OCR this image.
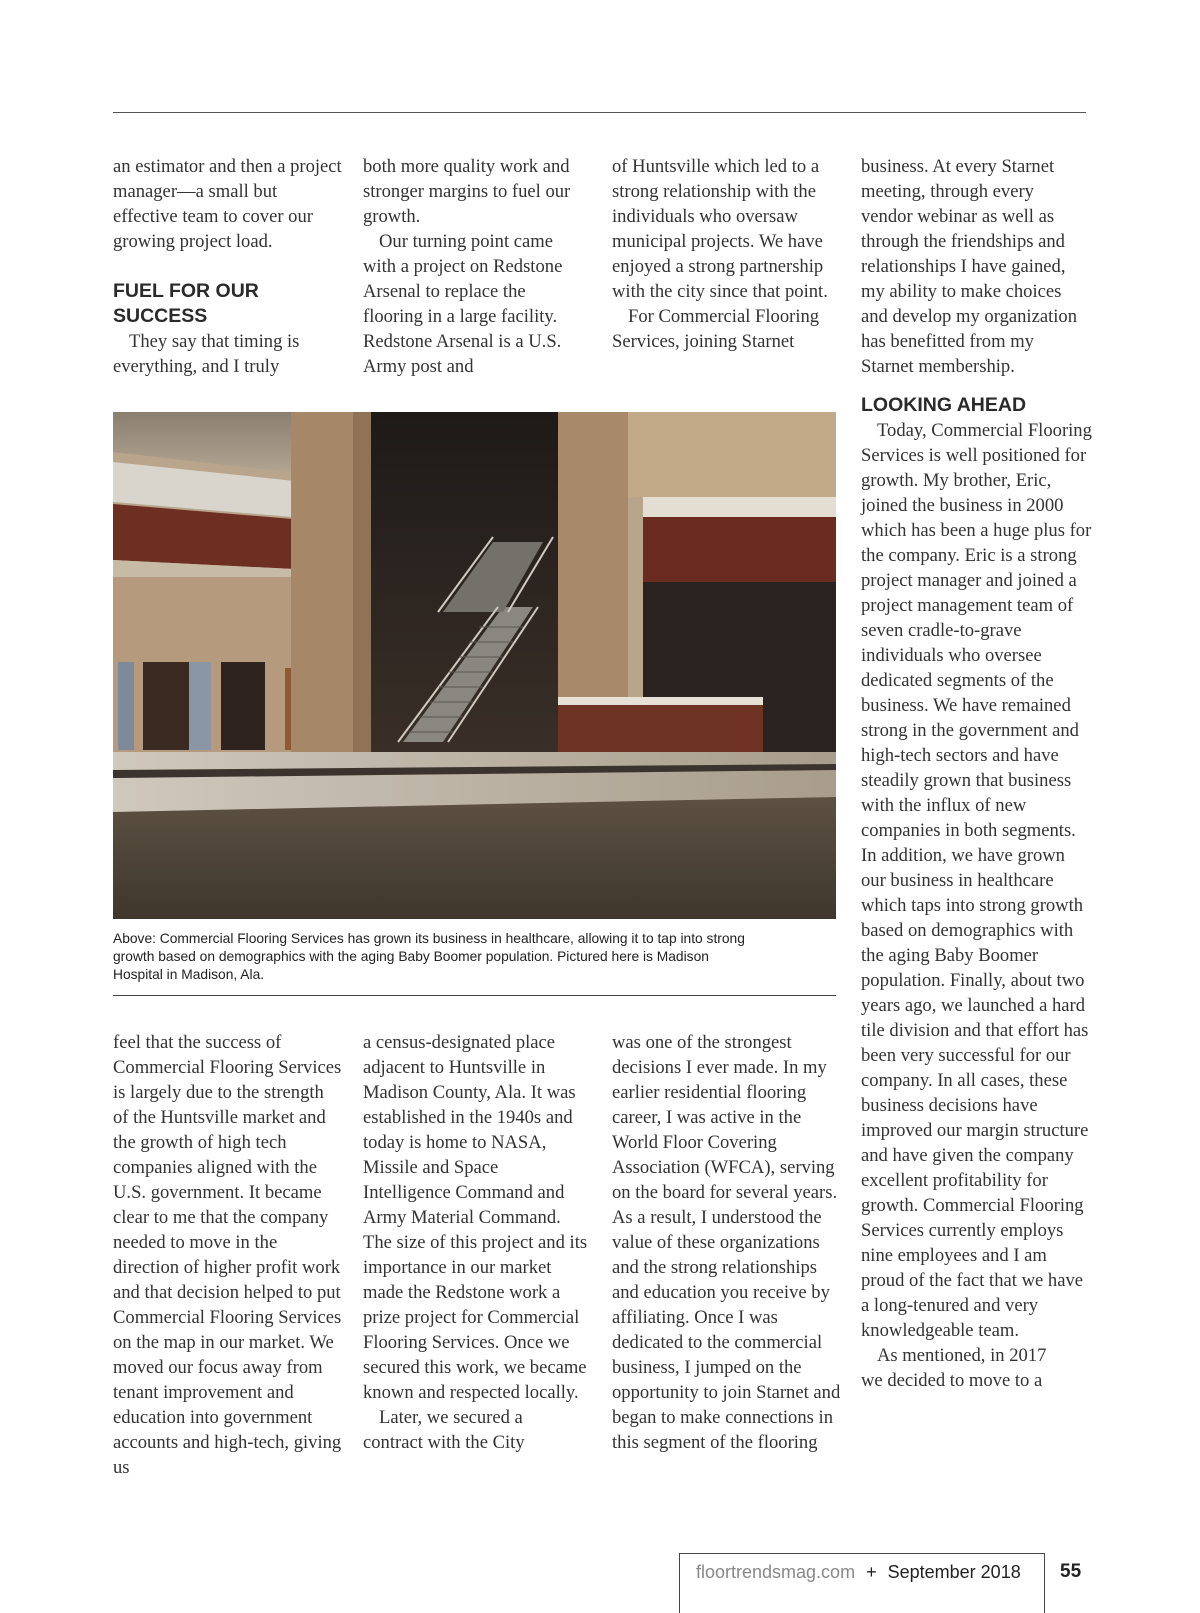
an estimator and then a project manager—a small but effective team to cover our growing project load.

FUEL FOR OUR SUCCESS

They say that timing is everything, and I truly

both more quality work and stronger margins to fuel our growth.

Our turning point came with a project on Redstone Arsenal to replace the flooring in a large facility. Redstone Arsenal is a U.S. Army post and

of Huntsville which led to a strong relationship with the individuals who oversaw municipal projects. We have enjoyed a strong partnership with the city since that point.

For Commercial Flooring Services, joining Starnet

business. At every Starnet meeting, through every vendor webinar as well as through the friendships and relationships I have gained, my ability to make choices and develop my organization has benefitted from my Starnet membership.

LOOKING AHEAD

Today, Commercial Flooring Services is well positioned for growth. My brother, Eric, joined the business in 2000 which has been a huge plus for the company. Eric is a strong project manager and joined a project management team of seven cradle-to-grave individuals who oversee dedicated segments of the business. We have remained strong in the government and high-tech sectors and have steadily grown that business with the influx of new companies in both segments. In addition, we have grown our business in healthcare which taps into strong growth based on demographics with the aging Baby Boomer population. Finally, about two years ago, we launched a hard tile division and that effort has been very successful for our company. In all cases, these business decisions have improved our margin structure and have given the company excellent profitability for growth. Commercial Flooring Services currently employs nine employees and I am proud of the fact that we have a long-tenured and very knowledgeable team.

As mentioned, in 2017 we decided to move to a

Above: Commercial Flooring Services has grown its business in healthcare, allowing it to tap into strong growth based on demographics with the aging Baby Boomer population. Pictured here is Madison Hospital in Madison, Ala.

feel that the success of Commercial Flooring Services is largely due to the strength of the Huntsville market and the growth of high tech companies aligned with the U.S. government. It became clear to me that the company needed to move in the direction of higher profit work and that decision helped to put Commercial Flooring Services on the map in our market. We moved our focus away from tenant improvement and education into government accounts and high-tech, giving us

a census-designated place adjacent to Huntsville in Madison County, Ala. It was established in the 1940s and today is home to NASA, Missile and Space Intelligence Command and Army Material Command. The size of this project and its importance in our market made the Redstone work a prize project for Commercial Flooring Services. Once we secured this work, we became known and respected locally.

Later, we secured a contract with the City

was one of the strongest decisions I ever made. In my earlier residential flooring career, I was active in the World Floor Covering Association (WFCA), serving on the board for several years. As a result, I understood the value of these organizations and the strong relationships and education you receive by affiliating. Once I was dedicated to the commercial business, I jumped on the opportunity to join Starnet and began to make connections in this segment of the flooring

floortrendsmag.com + September 2018 55
